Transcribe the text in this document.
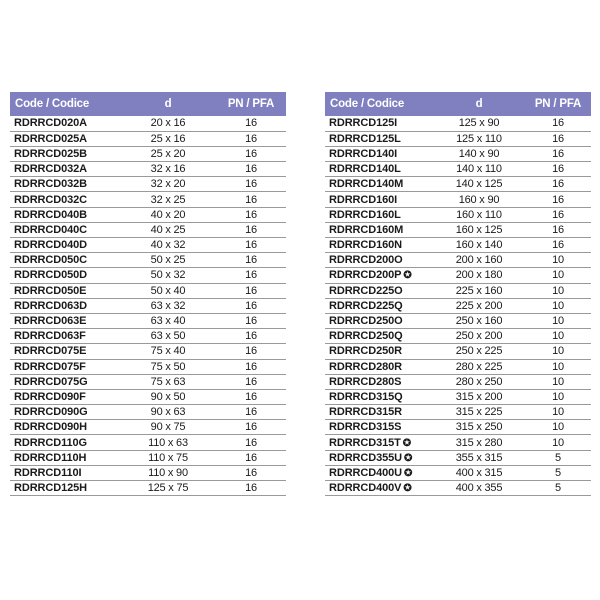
Code / Codice	d	PN / PFA
RDRRCD020A	20 x 16	16
RDRRCD025A	25 x 16	16
RDRRCD025B	25 x 20	16
RDRRCD032A	32 x 16	16
RDRRCD032B	32 x 20	16
RDRRCD032C	32 x 25	16
RDRRCD040B	40 x 20	16
RDRRCD040C	40 x 25	16
RDRRCD040D	40 x 32	16
RDRRCD050C	50 x 25	16
RDRRCD050D	50 x 32	16
RDRRCD050E	50 x 40	16
RDRRCD063D	63 x 32	16
RDRRCD063E	63 x 40	16
RDRRCD063F	63 x 50	16
RDRRCD075E	75 x 40	16
RDRRCD075F	75 x 50	16
RDRRCD075G	75 x 63	16
RDRRCD090F	90 x 50	16
RDRRCD090G	90 x 63	16
RDRRCD090H	90 x 75	16
RDRRCD110G	110 x 63	16
RDRRCD110H	110 x 75	16
RDRRCD110I	110 x 90	16
RDRRCD125H	125 x 75	16
Code / Codice	d	PN / PFA
RDRRCD125I	125 x 90	16
RDRRCD125L	125 x 110	16
RDRRCD140I	140 x 90	16
RDRRCD140L	140 x 110	16
RDRRCD140M	140 x 125	16
RDRRCD160I	160 x 90	16
RDRRCD160L	160 x 110	16
RDRRCD160M	160 x 125	16
RDRRCD160N	160 x 140	16
RDRRCD200O	200 x 160	10
RDRRCD200P ✪	200 x 180	10
RDRRCD225O	225 x 160	10
RDRRCD225Q	225 x 200	10
RDRRCD250O	250 x 160	10
RDRRCD250Q	250 x 200	10
RDRRCD250R	250 x 225	10
RDRRCD280R	280 x 225	10
RDRRCD280S	280 x 250	10
RDRRCD315Q	315 x 200	10
RDRRCD315R	315 x 225	10
RDRRCD315S	315 x 250	10
RDRRCD315T ✪	315 x 280	10
RDRRCD355U ✪	355 x 315	5
RDRRCD400U ✪	400 x 315	5
RDRRCD400V ✪	400 x 355	5
